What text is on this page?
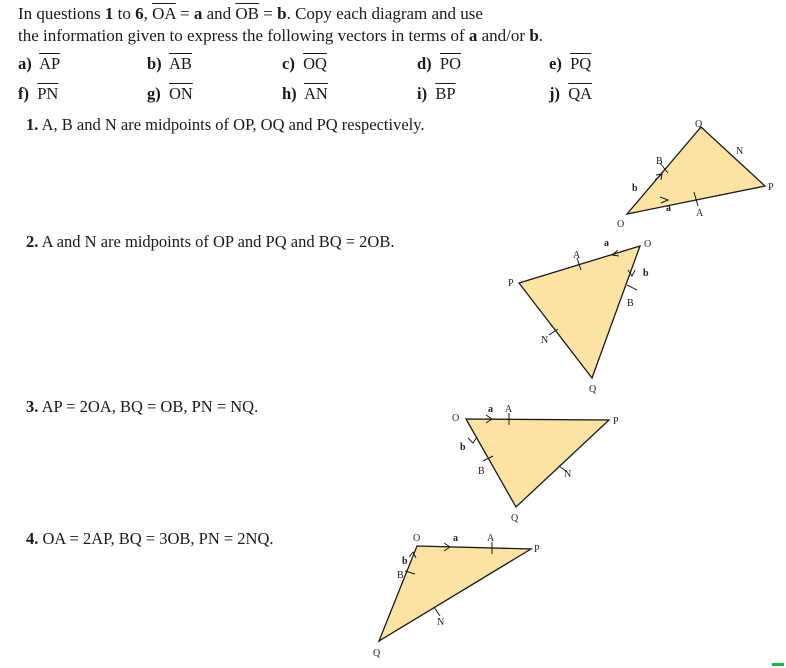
In questions 1 to 6, $\overline{OA} = a$ and $\overline{OB} = b$. Copy each diagram and use
the information given to express the following vectors in terms of a and/or b.
a) $\overline{AP}$	b) $\overline{AB}$	c) $\overline{OQ}$	d) $\overline{PO}$	e) $\overline{PQ}$
f) $\overline{PN}$	g) $\overline{ON}$	h) $\overline{AN}$	i) $\overline{BP}$	j) $\overline{QA}$
1. A, B and N are midpoints of OP, OQ and PQ respectively.
2. A and N are midpoints of OP and PQ and BQ = 2OB.
3. AP = 2OA, BQ = OB, PN = NQ.
4. OA = 2AP, BQ = 3OB, PN = 2NQ.
Q
P
O
B
N
A
b
a
P
O
Q
A
B
N
a
b
O	P
Q
A
B	N
a
b
O
P
Q
A
B
N
a
b
